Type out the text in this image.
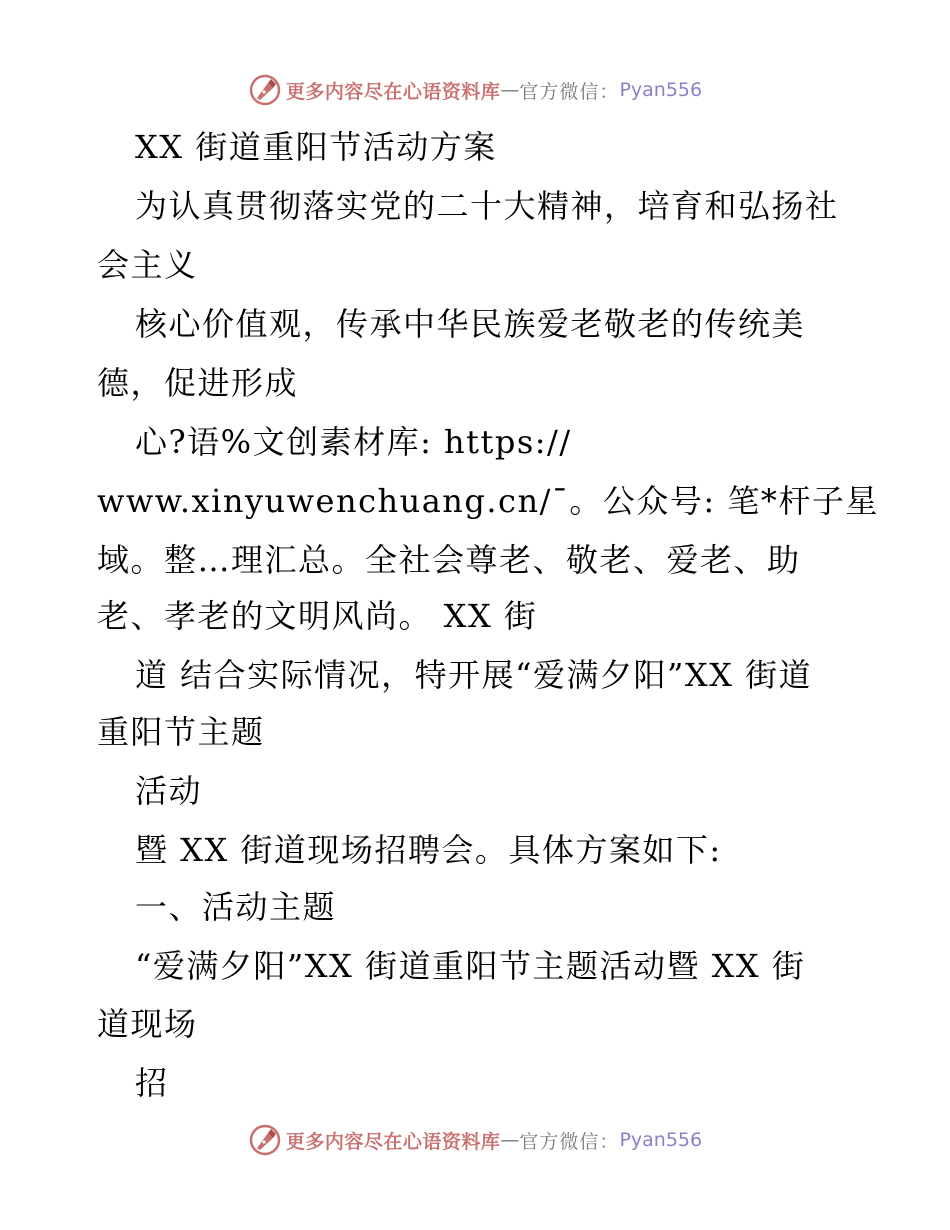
更多内容尽在心语资料库 — 官方微信： Pyan556
XX 街道重阳节活动方案
为认真贯彻落实党的二十大精神，培育和弘扬社
会主义
核心价值观，传承中华民族爱老敬老的传统美
德，促进形成
心?语%文创素材库: https://
www.xinyuwenchuang.cn/¯。公众号: 笔*杆子星
域。整…理汇总。全社会尊老、敬老、爱老、助
老、孝老的文明风尚。 XX 街
道 结合实际情况，特开展“爱满夕阳”XX 街道
重阳节主题
活动
暨 XX 街道现场招聘会。具体方案如下:
一、活动主题
“爱满夕阳”XX 街道重阳节主题活动暨 XX 街
道现场
招
更多内容尽在心语资料库 — 官方微信： Pyan556
